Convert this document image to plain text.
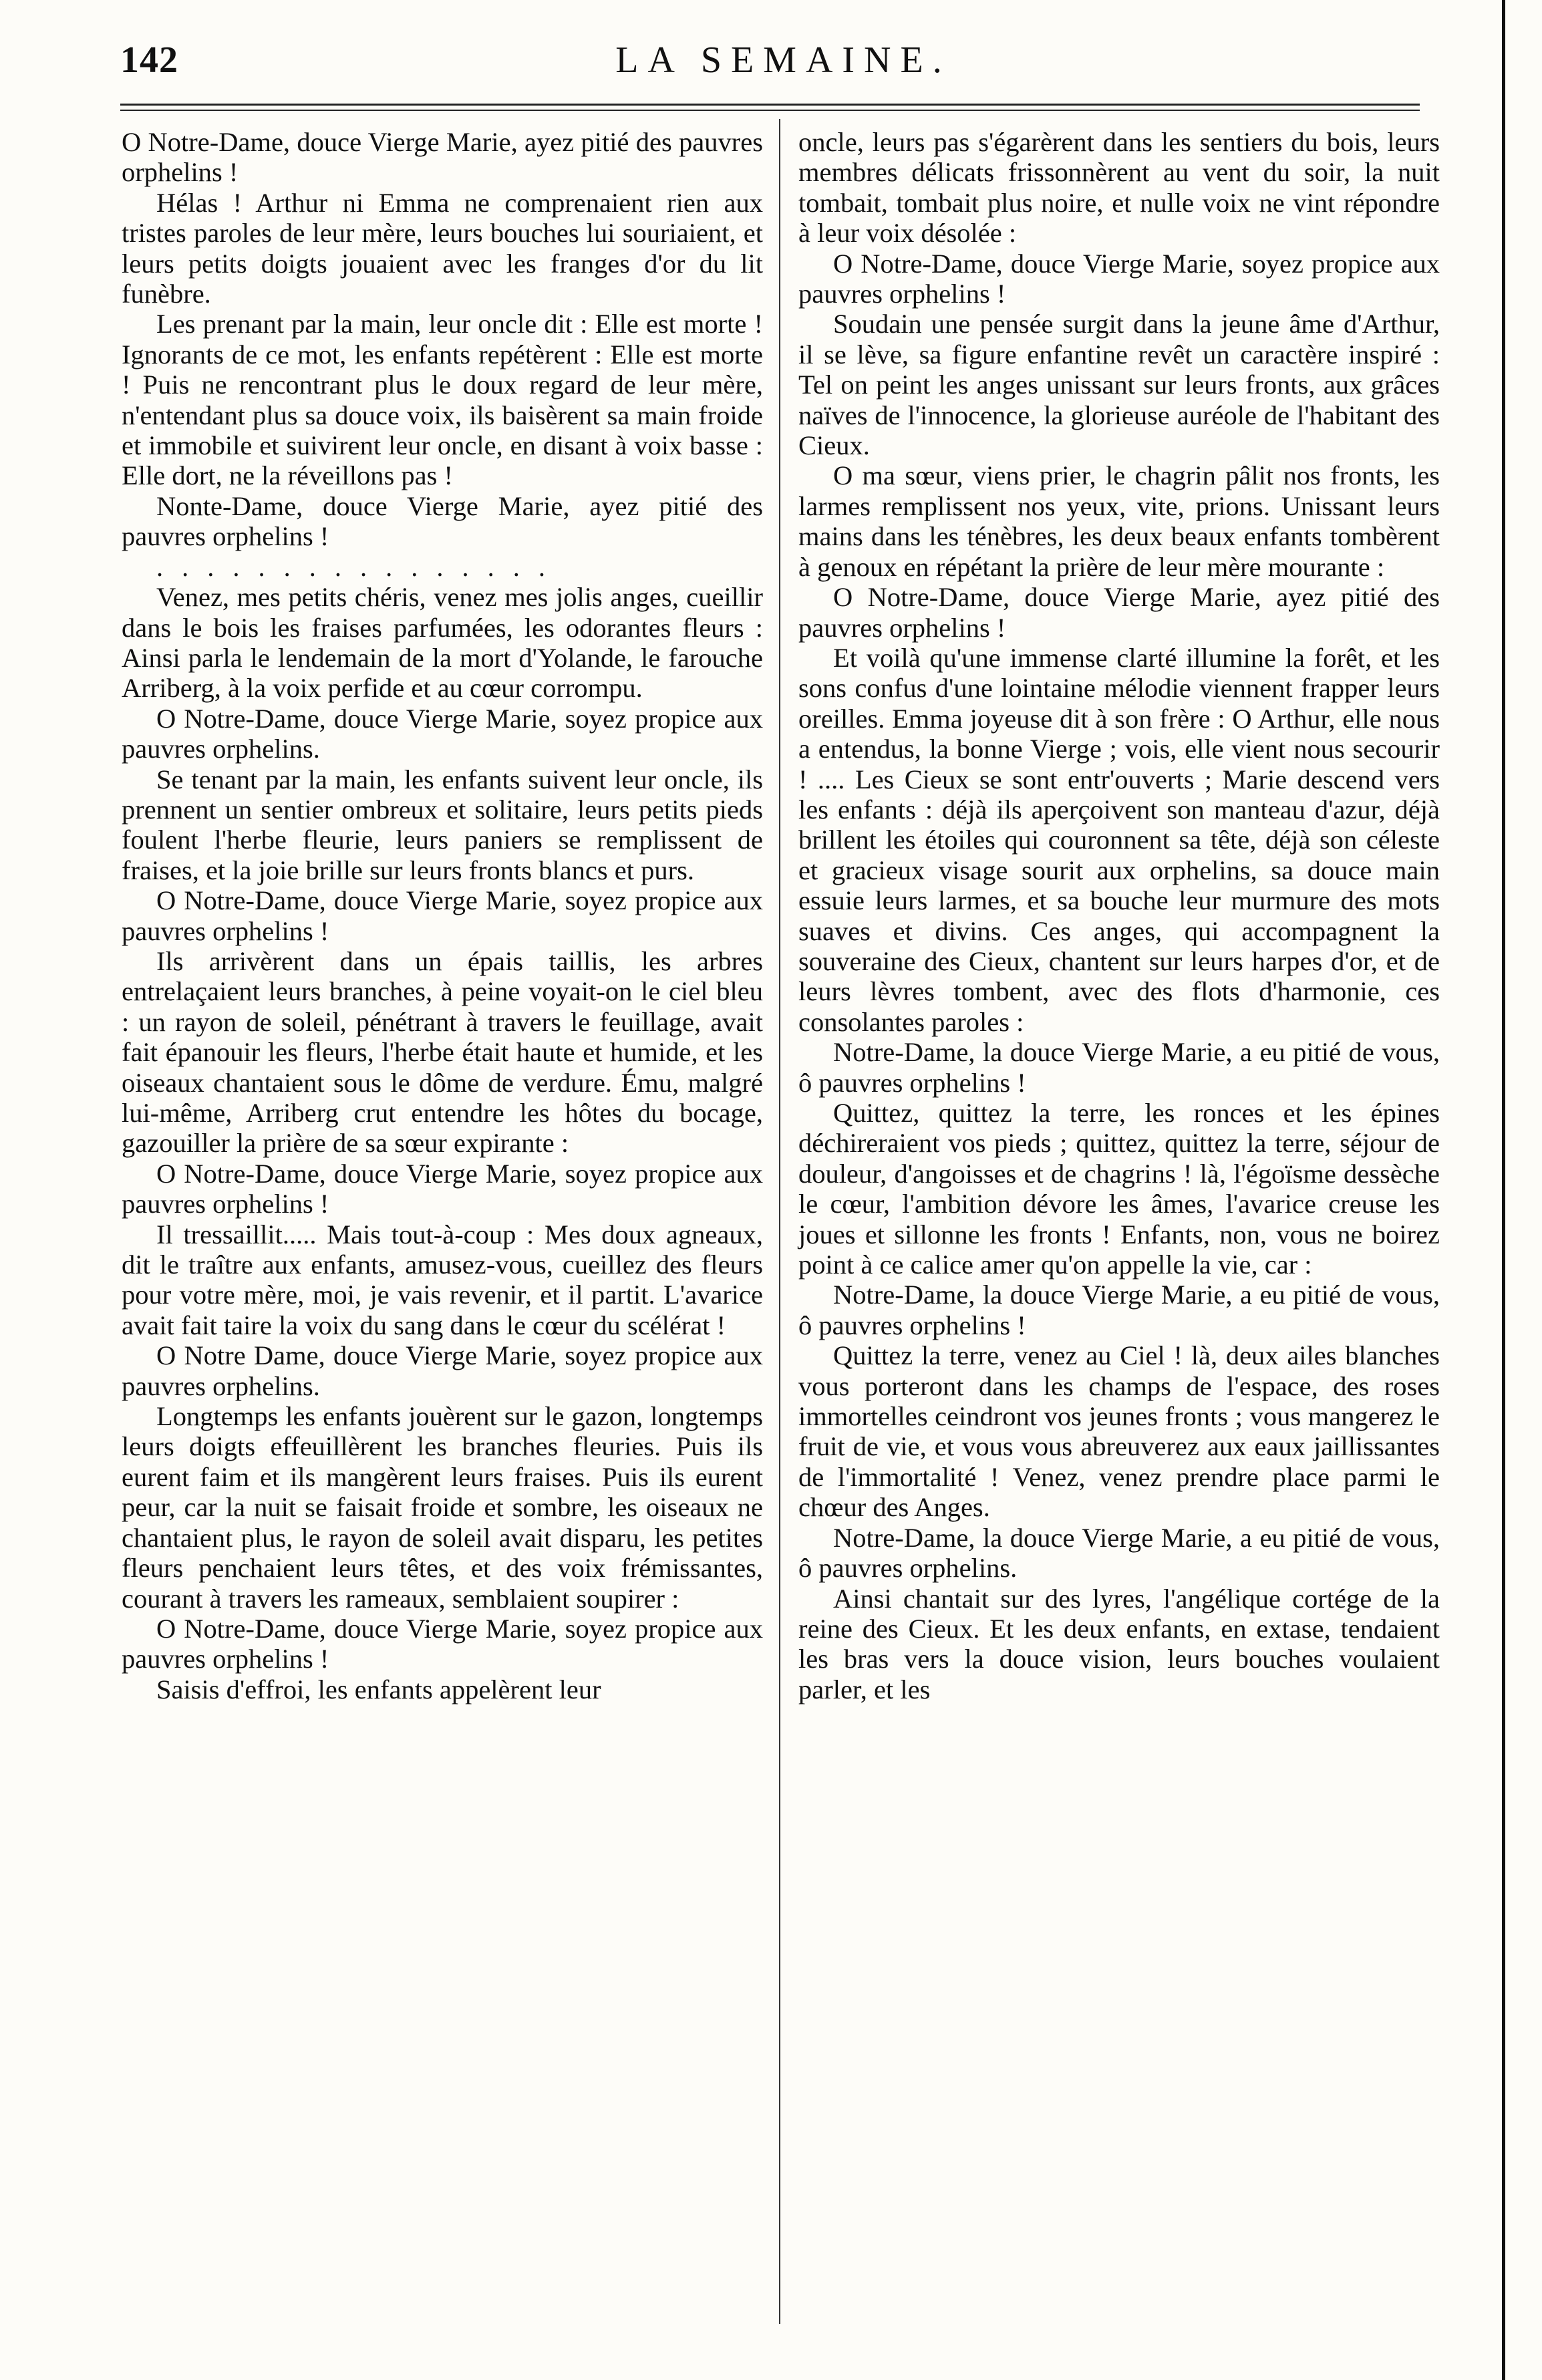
142	LA SEMAINE.

O Notre-Dame, douce Vierge Marie, ayez pitié des pauvres orphelins !

Hélas ! Arthur ni Emma ne comprenaient rien aux tristes paroles de leur mère, leurs bouches lui souriaient, et leurs petits doigts jouaient avec les franges d'or du lit funèbre.

Les prenant par la main, leur oncle dit : Elle est morte ! Ignorants de ce mot, les enfants repétèrent : Elle est morte ! Puis ne rencontrant plus le doux regard de leur mère, n'entendant plus sa douce voix, ils baisèrent sa main froide et immobile et suivirent leur oncle, en disant à voix basse : Elle dort, ne la réveillons pas !

Nonte-Dame, douce Vierge Marie, ayez pitié des pauvres orphelins !

................

Venez, mes petits chéris, venez mes jolis anges, cueillir dans le bois les fraises parfumées, les odorantes fleurs : Ainsi parla le lendemain de la mort d'Yolande, le farouche Arriberg, à la voix perfide et au cœur corrompu.

O Notre-Dame, douce Vierge Marie, soyez propice aux pauvres orphelins.

Se tenant par la main, les enfants suivent leur oncle, ils prennent un sentier ombreux et solitaire, leurs petits pieds foulent l'herbe fleurie, leurs paniers se remplissent de fraises, et la joie brille sur leurs fronts blancs et purs.

O Notre-Dame, douce Vierge Marie, soyez propice aux pauvres orphelins !

Ils arrivèrent dans un épais taillis, les arbres entrelaçaient leurs branches, à peine voyait-on le ciel bleu : un rayon de soleil, pénétrant à travers le feuillage, avait fait épanouir les fleurs, l'herbe était haute et humide, et les oiseaux chantaient sous le dôme de verdure. Ému, malgré lui-même, Arriberg crut entendre les hôtes du bocage, gazouiller la prière de sa sœur expirante :

O Notre-Dame, douce Vierge Marie, soyez propice aux pauvres orphelins !

Il tressaillit..... Mais tout-à-coup : Mes doux agneaux, dit le traître aux enfants, amusez-vous, cueillez des fleurs pour votre mère, moi, je vais revenir, et il partit. L'avarice avait fait taire la voix du sang dans le cœur du scélérat !

O Notre Dame, douce Vierge Marie, soyez propice aux pauvres orphelins.

Longtemps les enfants jouèrent sur le gazon, longtemps leurs doigts effeuillèrent les branches fleuries. Puis ils eurent faim et ils mangèrent leurs fraises. Puis ils eurent peur, car la nuit se faisait froide et sombre, les oiseaux ne chantaient plus, le rayon de soleil avait disparu, les petites fleurs penchaient leurs têtes, et des voix frémissantes, courant à travers les rameaux, semblaient soupirer :

O Notre-Dame, douce Vierge Marie, soyez propice aux pauvres orphelins !

Saisis d'effroi, les enfants appelèrent leur

oncle, leurs pas s'égarèrent dans les sentiers du bois, leurs membres délicats frissonnèrent au vent du soir, la nuit tombait, tombait plus noire, et nulle voix ne vint répondre à leur voix désolée :

O Notre-Dame, douce Vierge Marie, soyez propice aux pauvres orphelins !

Soudain une pensée surgit dans la jeune âme d'Arthur, il se lève, sa figure enfantine revêt un caractère inspiré : Tel on peint les anges unissant sur leurs fronts, aux grâces naïves de l'innocence, la glorieuse auréole de l'habitant des Cieux.

O ma sœur, viens prier, le chagrin pâlit nos fronts, les larmes remplissent nos yeux, vite, prions. Unissant leurs mains dans les ténèbres, les deux beaux enfants tombèrent à genoux en répétant la prière de leur mère mourante :

O Notre-Dame, douce Vierge Marie, ayez pitié des pauvres orphelins !

Et voilà qu'une immense clarté illumine la forêt, et les sons confus d'une lointaine mélodie viennent frapper leurs oreilles. Emma joyeuse dit à son frère : O Arthur, elle nous a entendus, la bonne Vierge ; vois, elle vient nous secourir ! .... Les Cieux se sont entr'ouverts ; Marie descend vers les enfants : déjà ils aperçoivent son manteau d'azur, déjà brillent les étoiles qui couronnent sa tête, déjà son céleste et gracieux visage sourit aux orphelins, sa douce main essuie leurs larmes, et sa bouche leur murmure des mots suaves et divins. Ces anges, qui accompagnent la souveraine des Cieux, chantent sur leurs harpes d'or, et de leurs lèvres tombent, avec des flots d'harmonie, ces consolantes paroles :

Notre-Dame, la douce Vierge Marie, a eu pitié de vous, ô pauvres orphelins !

Quittez, quittez la terre, les ronces et les épines déchireraient vos pieds ; quittez, quittez la terre, séjour de douleur, d'angoisses et de chagrins ! là, l'égoïsme dessèche le cœur, l'ambition dévore les âmes, l'avarice creuse les joues et sillonne les fronts ! Enfants, non, vous ne boirez point à ce calice amer qu'on appelle la vie, car :

Notre-Dame, la douce Vierge Marie, a eu pitié de vous, ô pauvres orphelins !

Quittez la terre, venez au Ciel ! là, deux ailes blanches vous porteront dans les champs de l'espace, des roses immortelles ceindront vos jeunes fronts ; vous mangerez le fruit de vie, et vous vous abreuverez aux eaux jaillissantes de l'immortalité ! Venez, venez prendre place parmi le chœur des Anges.

Notre-Dame, la douce Vierge Marie, a eu pitié de vous, ô pauvres orphelins.

Ainsi chantait sur des lyres, l'angélique cortége de la reine des Cieux. Et les deux enfants, en extase, tendaient les bras vers la douce vision, leurs bouches voulaient parler, et les
